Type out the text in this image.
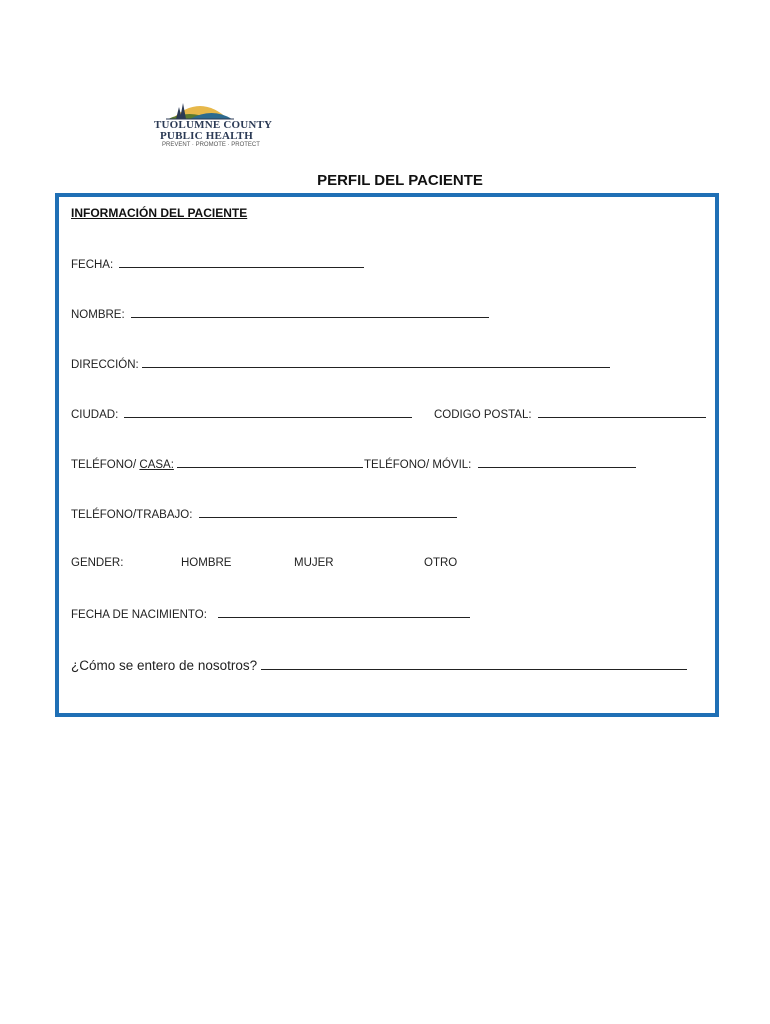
TUOLUMNE COUNTY
PUBLIC HEALTH
PREVENT · PROMOTE · PROTECT
PERFIL DEL PACIENTE
INFORMACIÓN DEL PACIENTE
FECHA:
NOMBRE:
DIRECCIÓN:
CIUDAD:	CODIGO POSTAL:
TELÉFONO/ CASA:	TELÉFONO/ MÓVIL:
TELÉFONO/TRABAJO:
GENDER:	HOMBRE	MUJER	OTRO
FECHA DE NACIMIENTO:
¿Cómo se entero de nosotros?
